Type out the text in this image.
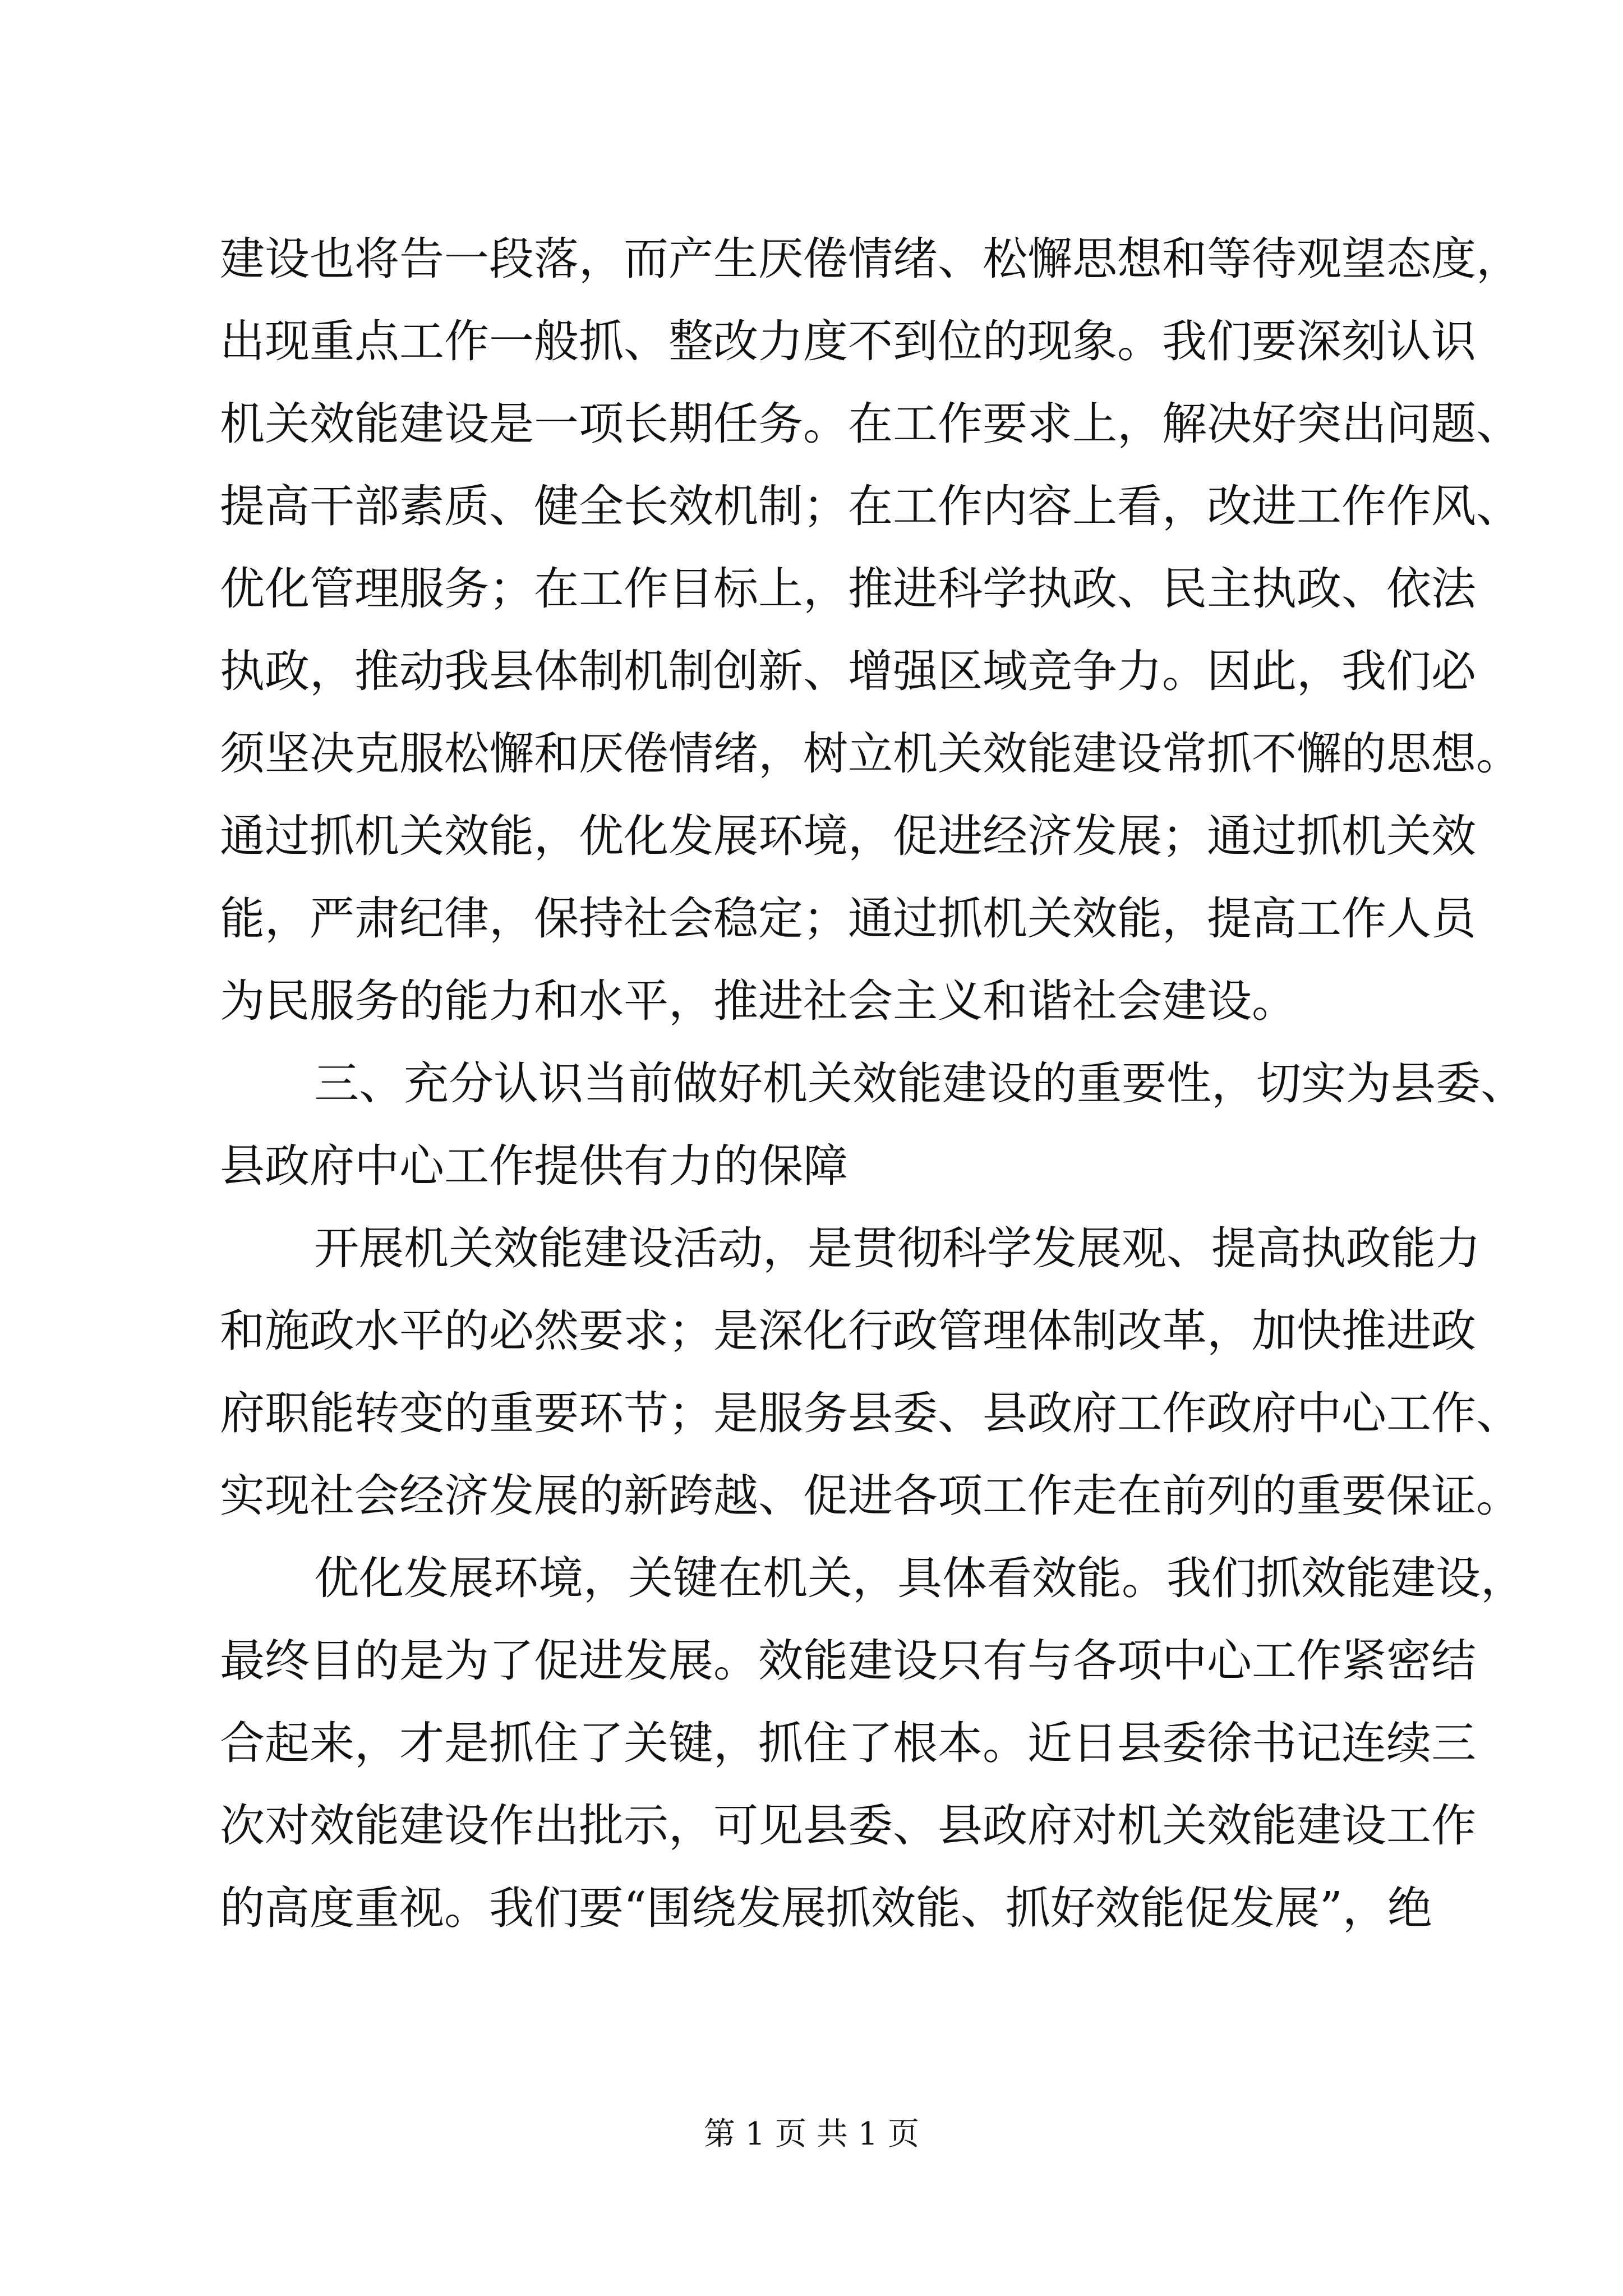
建设也将告一段落，而产生厌倦情绪、松懈思想和等待观望态度，
出现重点工作一般抓、整改力度不到位的现象。我们要深刻认识
机关效能建设是一项长期任务。在工作要求上，解决好突出问题、
提高干部素质、健全长效机制；在工作内容上看，改进工作作风、
优化管理服务；在工作目标上，推进科学执政、民主执政、依法
执政，推动我县体制机制创新、增强区域竞争力。因此，我们必
须坚决克服松懈和厌倦情绪，树立机关效能建设常抓不懈的思想。
通过抓机关效能，优化发展环境，促进经济发展；通过抓机关效
能，严肃纪律，保持社会稳定；通过抓机关效能，提高工作人员
为民服务的能力和水平，推进社会主义和谐社会建设。
三、充分认识当前做好机关效能建设的重要性，切实为县委、
县政府中心工作提供有力的保障
开展机关效能建设活动，是贯彻科学发展观、提高执政能力
和施政水平的必然要求；是深化行政管理体制改革，加快推进政
府职能转变的重要环节；是服务县委、县政府工作政府中心工作、
实现社会经济发展的新跨越、促进各项工作走在前列的重要保证。
优化发展环境，关键在机关，具体看效能。我们抓效能建设，
最终目的是为了促进发展。效能建设只有与各项中心工作紧密结
合起来，才是抓住了关键，抓住了根本。近日县委徐书记连续三
次对效能建设作出批示，可见县委、县政府对机关效能建设工作
的高度重视。我们要“围绕发展抓效能、抓好效能促发展”，绝
第 1 页 共 1 页
